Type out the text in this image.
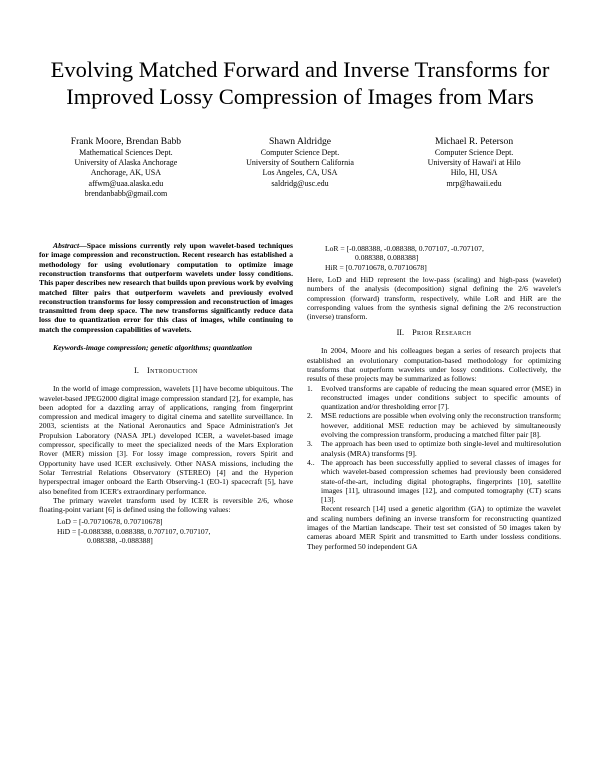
Evolving Matched Forward and Inverse Transforms for Improved Lossy Compression of Images from Mars
Frank Moore, Brendan Babb
Mathematical Sciences Dept.
University of Alaska Anchorage
Anchorage, AK, USA
affwm@uaa.alaska.edu
brendanbabb@gmail.com
Shawn Aldridge
Computer Science Dept.
University of Southern California
Los Angeles, CA, USA
saldridg@usc.edu
Michael R. Peterson
Computer Science Dept.
University of Hawai'i at Hilo
Hilo, HI, USA
mrp@hawaii.edu

Abstract—Space missions currently rely upon wavelet-based techniques for image compression and reconstruction. Recent research has established a methodology for using evolutionary computation to optimize image reconstruction transforms that outperform wavelets under lossy conditions. This paper describes new research that builds upon previous work by evolving matched filter pairs that outperform wavelets and previously evolved reconstruction transforms for lossy compression and reconstruction of images transmitted from deep space. The new transforms significantly reduce data loss due to quantization error for this class of images, while continuing to match the compression capabilities of wavelets.

Keywords-image compression; genetic algorithms; quantization

I. Introduction

In the world of image compression, wavelets [1] have become ubiquitous. The wavelet-based JPEG2000 digital image compression standard [2], for example, has been adopted for a dazzling array of applications, ranging from fingerprint compression and medical imagery to digital cinema and satellite surveillance. In 2003, scientists at the National Aeronautics and Space Administration's Jet Propulsion Laboratory (NASA JPL) developed ICER, a wavelet-based image compressor, specifically to meet the specialized needs of the Mars Exploration Rover (MER) mission [3]. For lossy image compression, rovers Spirit and Opportunity have used ICER exclusively. Other NASA missions, including the Solar Terrestrial Relations Observatory (STEREO) [4] and the Hyperion hyperspectral imager onboard the Earth Observing-1 (EO-1) spacecraft [5], have also benefited from ICER's extraordinary performance.

The primary wavelet transform used by ICER is reversible 2/6, whose floating-point variant [6] is defined using the following values:

LoD = [-0.70710678, 0.70710678]
HiD = [-0.088388, 0.088388, 0.707107, 0.707107,
0.088388, -0.088388]
LoR = [-0.088388, -0.088388, 0.707107, -0.707107,
0.088388, 0.088388]
HiR = [0.70710678, 0.70710678]

Here, LoD and HiD represent the low-pass (scaling) and high-pass (wavelet) numbers of the analysis (decomposition) signal defining the 2/6 wavelet's compression (forward) transform, respectively, while LoR and HiR are the corresponding values from the synthesis signal defining the 2/6 reconstruction (inverse) transform.

II. Prior Research

In 2004, Moore and his colleagues began a series of research projects that established an evolutionary computation-based methodology for optimizing transforms that outperform wavelets under lossy conditions. Collectively, the results of these projects may be summarized as follows:

1.	Evolved transforms are capable of reducing the mean squared error (MSE) in reconstructed images under conditions subject to specific amounts of quantization and/or thresholding error [7].
2.	MSE reductions are possible when evolving only the reconstruction transform; however, additional MSE reduction may be achieved by simultaneously evolving the compression transform, producing a matched filter pair [8].
3.	The approach has been used to optimize both single-level and multiresolution analysis (MRA) transforms [9].
4.. The approach has been successfully applied to several classes of images for which wavelet-based compression schemes had previously been considered state-of-the-art, including digital photographs, fingerprints [10], satellite images [11], ultrasound images [12], and computed tomography (CT) scans [13].

Recent research [14] used a genetic algorithm (GA) to optimize the wavelet and scaling numbers defining an inverse transform for reconstructing quantized images of the Martian landscape. Their test set consisted of 50 images taken by cameras aboard MER Spirit and transmitted to Earth under lossless conditions. They performed 50 independent GA
